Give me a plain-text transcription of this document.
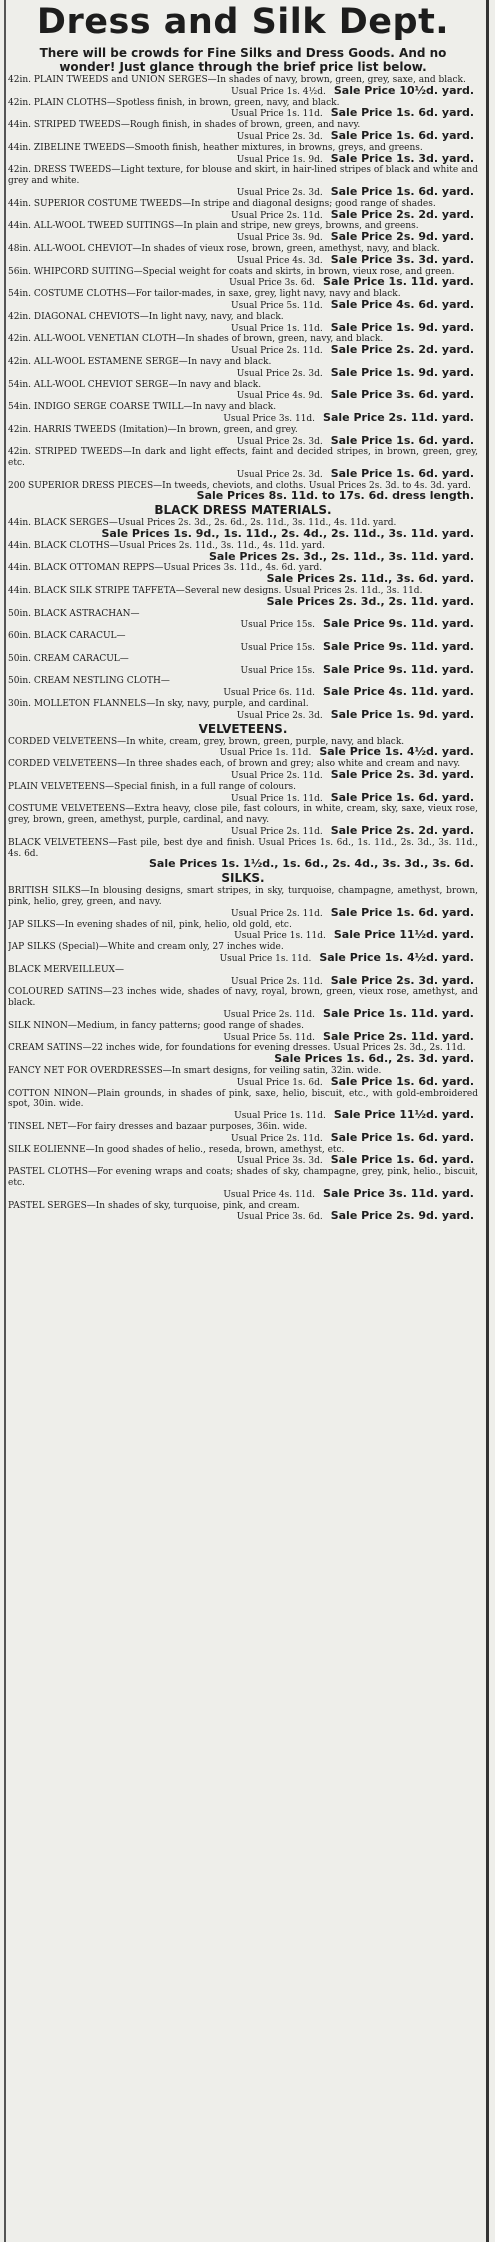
Dress and Silk Dept.
There will be crowds for Fine Silks and Dress Goods. And no wonder! Just glance through the brief price list below.
42in. PLAIN TWEEDS and UNION SERGES—In shades of navy, brown, green, grey, saxe, and black.
Usual Price 1s. 4½d. Sale Price 10½d. yard.
42in. PLAIN CLOTHS—Spotless finish, in brown, green, navy, and black.
Usual Price 1s. 11d. Sale Price 1s. 6d. yard.
44in. STRIPED TWEEDS—Rough finish, in shades of brown, green, and navy.
Usual Price 2s. 3d. Sale Price 1s. 6d. yard.
44in. ZIBELINE TWEEDS—Smooth finish, heather mixtures, in browns, greys, and greens.
Usual Price 1s. 9d. Sale Price 1s. 3d. yard.
42in. DRESS TWEEDS—Light texture, for blouse and skirt, in hair-lined stripes of black and white and grey and white.
Usual Price 2s. 3d. Sale Price 1s. 6d. yard.
44in. SUPERIOR COSTUME TWEEDS—In stripe and diagonal designs; good range of shades.
Usual Price 2s. 11d. Sale Price 2s. 2d. yard.
44in. ALL-WOOL TWEED SUITINGS—In plain and stripe, new greys, browns, and greens.
Usual Price 3s. 9d. Sale Price 2s. 9d. yard.
48in. ALL-WOOL CHEVIOT—In shades of vieux rose, brown, green, amethyst, navy, and black.
Usual Price 4s. 3d. Sale Price 3s. 3d. yard.
56in. WHIPCORD SUITING—Special weight for coats and skirts, in brown, vieux rose, and green.
Usual Price 3s. 6d. Sale Price 1s. 11d. yard.
54in. COSTUME CLOTHS—For tailor-mades, in saxe, grey, light navy, navy and black.
Usual Price 5s. 11d. Sale Price 4s. 6d. yard.
42in. DIAGONAL CHEVIOTS—In light navy, navy, and black.
Usual Price 1s. 11d. Sale Price 1s. 9d. yard.
42in. ALL-WOOL VENETIAN CLOTH—In shades of brown, green, navy, and black.
Usual Price 2s. 11d. Sale Price 2s. 2d. yard.
42in. ALL-WOOL ESTAMENE SERGE—In navy and black.
Usual Price 2s. 3d. Sale Price 1s. 9d. yard.
54in. ALL-WOOL CHEVIOT SERGE—In navy and black.
Usual Price 4s. 9d. Sale Price 3s. 6d. yard.
54in. INDIGO SERGE COARSE TWILL—In navy and black.
Usual Price 3s. 11d. Sale Price 2s. 11d. yard.
42in. HARRIS TWEEDS (Imitation)—In brown, green, and grey.
Usual Price 2s. 3d. Sale Price 1s. 6d. yard.
42in. STRIPED TWEEDS—In dark and light effects, faint and decided stripes, in brown, green, grey, etc.
Usual Price 2s. 3d. Sale Price 1s. 6d. yard.
200 SUPERIOR DRESS PIECES—In tweeds, cheviots, and cloths. Usual Prices 2s. 3d. to 4s. 3d. yard.
Sale Prices 8s. 11d. to 17s. 6d. dress length.
BLACK DRESS MATERIALS.
44in. BLACK SERGES—Usual Prices 2s. 3d., 2s. 6d., 2s. 11d., 3s. 11d., 4s. 11d. yard.
Sale Prices 1s. 9d., 1s. 11d., 2s. 4d., 2s. 11d., 3s. 11d. yard.
44in. BLACK CLOTHS—Usual Prices 2s. 11d., 3s. 11d., 4s. 11d. yard.
Sale Prices 2s. 3d., 2s. 11d., 3s. 11d. yard.
44in. BLACK OTTOMAN REPPS—Usual Prices 3s. 11d., 4s. 6d. yard.
Sale Prices 2s. 11d., 3s. 6d. yard.
44in. BLACK SILK STRIPE TAFFETA—Several new designs. Usual Prices 2s. 11d., 3s. 11d.
Sale Prices 2s. 3d., 2s. 11d. yard.
50in. BLACK ASTRACHAN—
Usual Price 15s. Sale Price 9s. 11d. yard.
60in. BLACK CARACUL—
Usual Price 15s. Sale Price 9s. 11d. yard.
50in. CREAM CARACUL—
Usual Price 15s. Sale Price 9s. 11d. yard.
50in. CREAM NESTLING CLOTH—
Usual Price 6s. 11d. Sale Price 4s. 11d. yard.
30in. MOLLETON FLANNELS—In sky, navy, purple, and cardinal.
Usual Price 2s. 3d. Sale Price 1s. 9d. yard.
VELVETEENS.
CORDED VELVETEENS—In white, cream, grey, brown, green, purple, navy, and black.
Usual Price 1s. 11d. Sale Price 1s. 4½d. yard.
CORDED VELVETEENS—In three shades each, of brown and grey; also white and cream and navy.
Usual Price 2s. 11d. Sale Price 2s. 3d. yard.
PLAIN VELVETEENS—Special finish, in a full range of colours.
Usual Price 1s. 11d. Sale Price 1s. 6d. yard.
COSTUME VELVETEENS—Extra heavy, close pile, fast colours, in white, cream, sky, saxe, vieux rose, grey, brown, green, amethyst, purple, cardinal, and navy.
Usual Price 2s. 11d. Sale Price 2s. 2d. yard.
BLACK VELVETEENS—Fast pile, best dye and finish. Usual Prices 1s. 6d., 1s. 11d., 2s. 3d., 3s. 11d., 4s. 6d.
Sale Prices 1s. 1½d., 1s. 6d., 2s. 4d., 3s. 3d., 3s. 6d.
SILKS.
BRITISH SILKS—In blousing designs, smart stripes, in sky, turquoise, champagne, amethyst, brown, pink, helio, grey, green, and navy.
Usual Price 2s. 11d. Sale Price 1s. 6d. yard.
JAP SILKS—In evening shades of nil, pink, helio, old gold, etc.
Usual Price 1s. 11d. Sale Price 11½d. yard.
JAP SILKS (Special)—White and cream only, 27 inches wide.
Usual Price 1s. 11d. Sale Price 1s. 4½d. yard.
BLACK MERVEILLEUX—
Usual Price 2s. 11d. Sale Price 2s. 3d. yard.
COLOURED SATINS—23 inches wide, shades of navy, royal, brown, green, vieux rose, amethyst, and black.
Usual Price 2s. 11d. Sale Price 1s. 11d. yard.
SILK NINON—Medium, in fancy patterns; good range of shades.
Usual Price 5s. 11d. Sale Price 2s. 11d. yard.
CREAM SATINS—22 inches wide, for foundations for evening dresses. Usual Prices 2s. 3d., 2s. 11d.
Sale Prices 1s. 6d., 2s. 3d. yard.
FANCY NET FOR OVERDRESSES—In smart designs, for veiling satin, 32in. wide.
Usual Price 1s. 6d. Sale Price 1s. 6d. yard.
COTTON NINON—Plain grounds, in shades of pink, saxe, helio, biscuit, etc., with gold-embroidered spot, 30in. wide.
Usual Price 1s. 11d. Sale Price 11½d. yard.
TINSEL NET—For fairy dresses and bazaar purposes, 36in. wide.
Usual Price 2s. 11d. Sale Price 1s. 6d. yard.
SILK EOLIENNE—In good shades of helio., reseda, brown, amethyst, etc.
Usual Price 3s. 3d. Sale Price 1s. 6d. yard.
PASTEL CLOTHS—For evening wraps and coats; shades of sky, champagne, grey, pink, helio., biscuit, etc.
Usual Price 4s. 11d. Sale Price 3s. 11d. yard.
PASTEL SERGES—In shades of sky, turquoise, pink, and cream.
Usual Price 3s. 6d. Sale Price 2s. 9d. yard.
